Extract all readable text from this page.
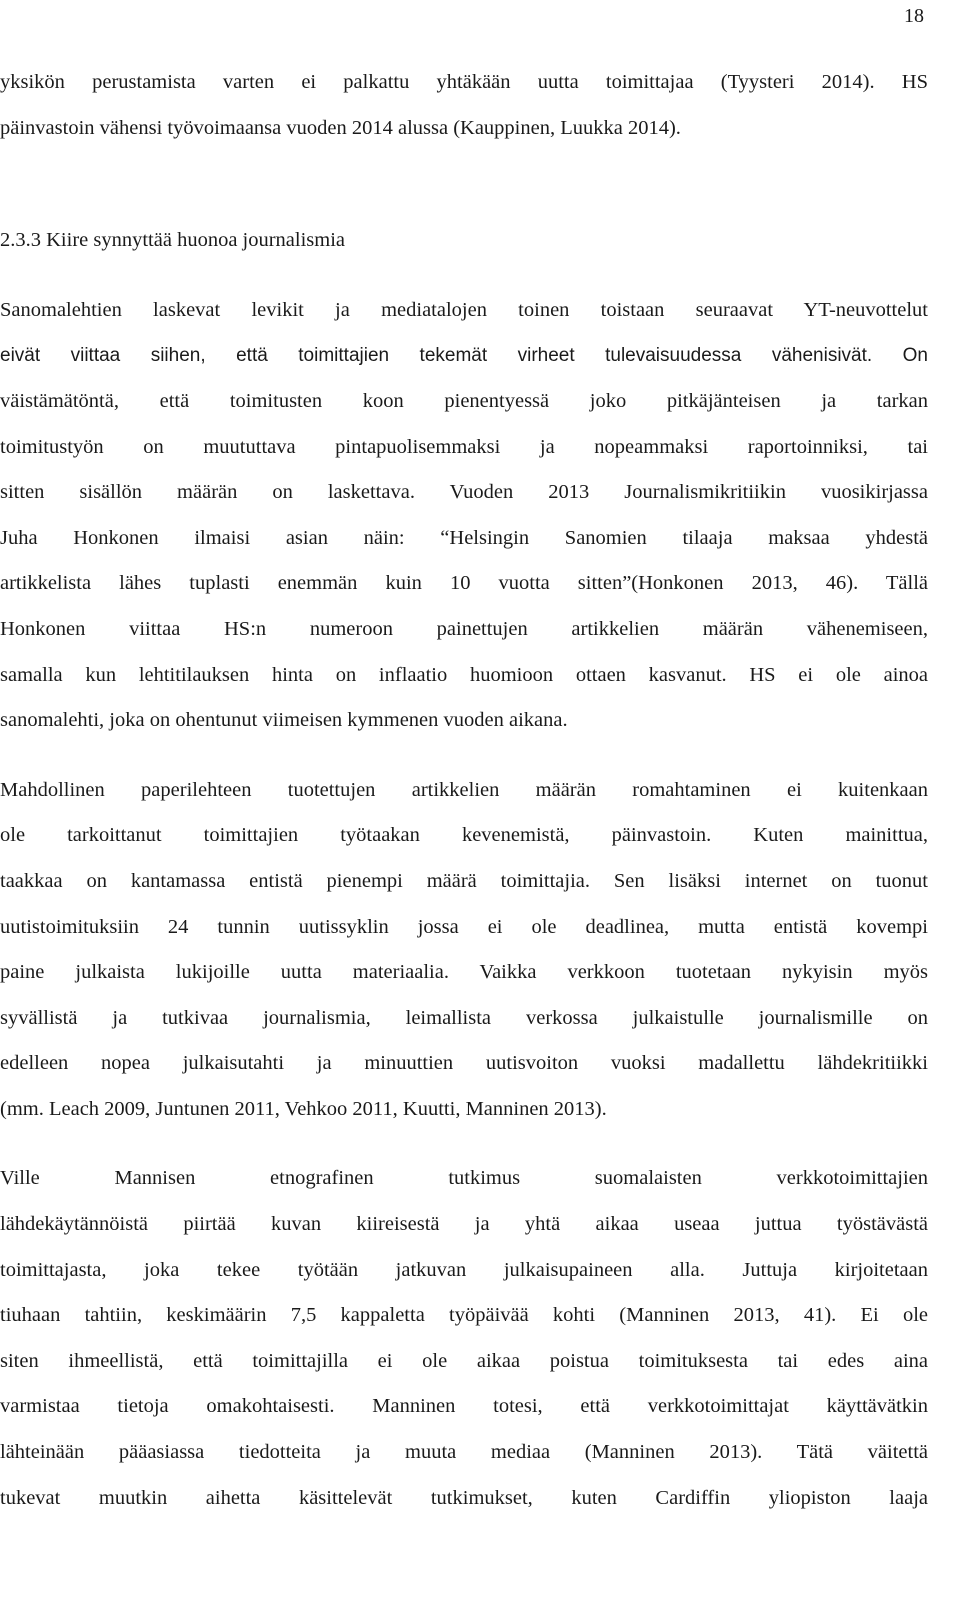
18
yksikön perustamista varten ei palkattu yhtäkään uutta toimittajaa (Tyysteri 2014). HS
päinvastoin vähensi työvoimaansa vuoden 2014 alussa (Kauppinen, Luukka 2014).
2.3.3 Kiire synnyttää huonoa journalismia
Sanomalehtien laskevat levikit ja mediatalojen toinen toistaan seuraavat YT-neuvottelut
eivät viittaa siihen, että toimittajien tekemät virheet tulevaisuudessa vähenisivät. On
väistämätöntä, että toimitusten koon pienentyessä joko pitkäjänteisen ja tarkan
toimitustyön on muututtava pintapuolisemmaksi ja nopeammaksi raportoinniksi, tai
sitten sisällön määrän on laskettava. Vuoden 2013 Journalismikritiikin vuosikirjassa
Juha Honkonen ilmaisi asian näin: “Helsingin Sanomien tilaaja maksaa yhdestä
artikkelista lähes tuplasti enemmän kuin 10 vuotta sitten”(Honkonen 2013, 46). Tällä
Honkonen viittaa HS:n numeroon painettujen artikkelien määrän vähenemiseen,
samalla kun lehtitilauksen hinta on inflaatio huomioon ottaen kasvanut. HS ei ole ainoa
sanomalehti, joka on ohentunut viimeisen kymmenen vuoden aikana.
Mahdollinen paperilehteen tuotettujen artikkelien määrän romahtaminen ei kuitenkaan
ole tarkoittanut toimittajien työtaakan kevenemistä, päinvastoin. Kuten mainittua,
taakkaa on kantamassa entistä pienempi määrä toimittajia. Sen lisäksi internet on tuonut
uutistoimituksiin 24 tunnin uutissyklin jossa ei ole deadlinea, mutta entistä kovempi
paine julkaista lukijoille uutta materiaalia. Vaikka verkkoon tuotetaan nykyisin myös
syvällistä ja tutkivaa journalismia, leimallista verkossa julkaistulle journalismille on
edelleen nopea julkaisutahti ja minuuttien uutisvoiton vuoksi madallettu lähdekritiikki
(mm. Leach 2009, Juntunen 2011, Vehkoo 2011, Kuutti, Manninen 2013).
Ville Mannisen etnografinen tutkimus suomalaisten verkkotoimittajien
lähdekäytännöistä piirtää kuvan kiireisestä ja yhtä aikaa useaa juttua työstävästä
toimittajasta, joka tekee työtään jatkuvan julkaisupaineen alla. Juttuja kirjoitetaan
tiuhaan tahtiin, keskimäärin 7,5 kappaletta työpäivää kohti (Manninen 2013, 41). Ei ole
siten ihmeellistä, että toimittajilla ei ole aikaa poistua toimituksesta tai edes aina
varmistaa tietoja omakohtaisesti. Manninen totesi, että verkkotoimittajat käyttävätkin
lähteinään pääasiassa tiedotteita ja muuta mediaa (Manninen 2013). Tätä väitettä
tukevat muutkin aihetta käsittelevät tutkimukset, kuten Cardiffin yliopiston laaja
